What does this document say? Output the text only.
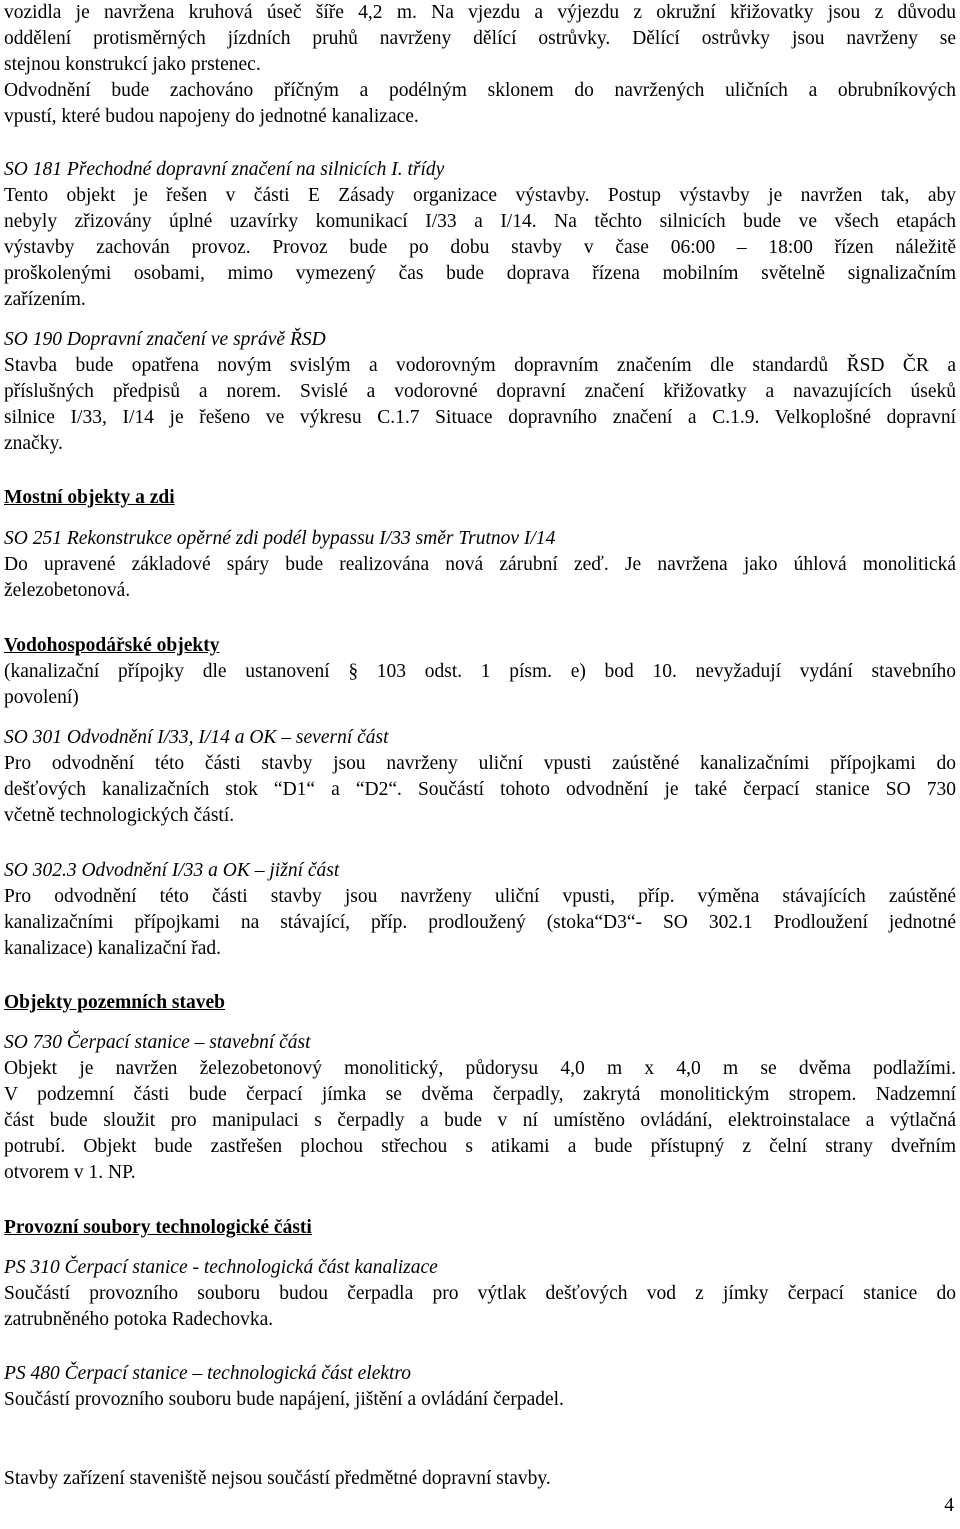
vozidla je navržena kruhová úseč šíře 4,2 m. Na vjezdu a výjezdu z okružní křižovatky jsou z důvodu
oddělení protisměrných jízdních pruhů navrženy dělící ostrůvky. Dělící ostrůvky jsou navrženy se
stejnou konstrukcí jako prstenec.
Odvodnění bude zachováno příčným a podélným sklonem do navržených uličních a obrubníkových
vpustí, které budou napojeny do jednotné kanalizace.
SO 181 Přechodné dopravní značení na silnicích I. třídy
Tento objekt je řešen v části E Zásady organizace výstavby. Postup výstavby je navržen tak, aby
nebyly zřizovány úplné uzavírky komunikací I/33 a I/14. Na těchto silnicích bude ve všech etapách
výstavby zachován provoz. Provoz bude po dobu stavby v čase 06:00 – 18:00 řízen náležitě
proškolenými osobami, mimo vymezený čas bude doprava řízena mobilním světelně signalizačním
zařízením.
SO 190 Dopravní značení ve správě ŘSD
Stavba bude opatřena novým svislým a vodorovným dopravním značením dle standardů ŘSD ČR a
příslušných předpisů a norem. Svislé a vodorovné dopravní značení křižovatky a navazujících úseků
silnice I/33, I/14 je řešeno ve výkresu C.1.7 Situace dopravního značení a C.1.9. Velkoplošné dopravní
značky.
Mostní objekty a zdi
SO 251 Rekonstrukce opěrné zdi podél bypassu I/33 směr Trutnov I/14
Do upravené základové spáry bude realizována nová zárubní zeď. Je navržena jako úhlová monolitická
železobetonová.
Vodohospodářské objekty
(kanalizační přípojky dle ustanovení § 103 odst. 1 písm. e) bod 10. nevyžadují vydání stavebního
povolení)
SO 301 Odvodnění I/33, I/14 a OK – severní část
Pro odvodnění této části stavby jsou navrženy uliční vpusti zaústěné kanalizačními přípojkami do
dešťových kanalizačních stok “D1“ a “D2“. Součástí tohoto odvodnění je také čerpací stanice SO 730
včetně technologických částí.
SO 302.3 Odvodnění I/33 a OK – jižní část
Pro odvodnění této části stavby jsou navrženy uliční vpusti, příp. výměna stávajících zaústěné
kanalizačními přípojkami na stávající, příp. prodloužený (stoka“D3“- SO 302.1 Prodloužení jednotné
kanalizace) kanalizační řad.
Objekty pozemních staveb
SO 730 Čerpací stanice – stavební část
Objekt je navržen železobetonový monolitický, půdorysu 4,0 m x 4,0 m se dvěma podlažími.
V podzemní části bude čerpací jímka se dvěma čerpadly, zakrytá monolitickým stropem. Nadzemní
část bude sloužit pro manipulaci s čerpadly a bude v ní umístěno ovládání, elektroinstalace a výtlačná
potrubí. Objekt bude zastřešen plochou střechou s atikami a bude přístupný z čelní strany dveřním
otvorem v 1. NP.
Provozní soubory technologické části
PS 310 Čerpací stanice - technologická část kanalizace
Součástí provozního souboru budou čerpadla pro výtlak dešťových vod z jímky čerpací stanice do
zatrubněného potoka Radechovka.
PS 480 Čerpací stanice – technologická část elektro
Součástí provozního souboru bude napájení, jištění a ovládání čerpadel.
Stavby zařízení staveniště nejsou součástí předmětné dopravní stavby.
4
